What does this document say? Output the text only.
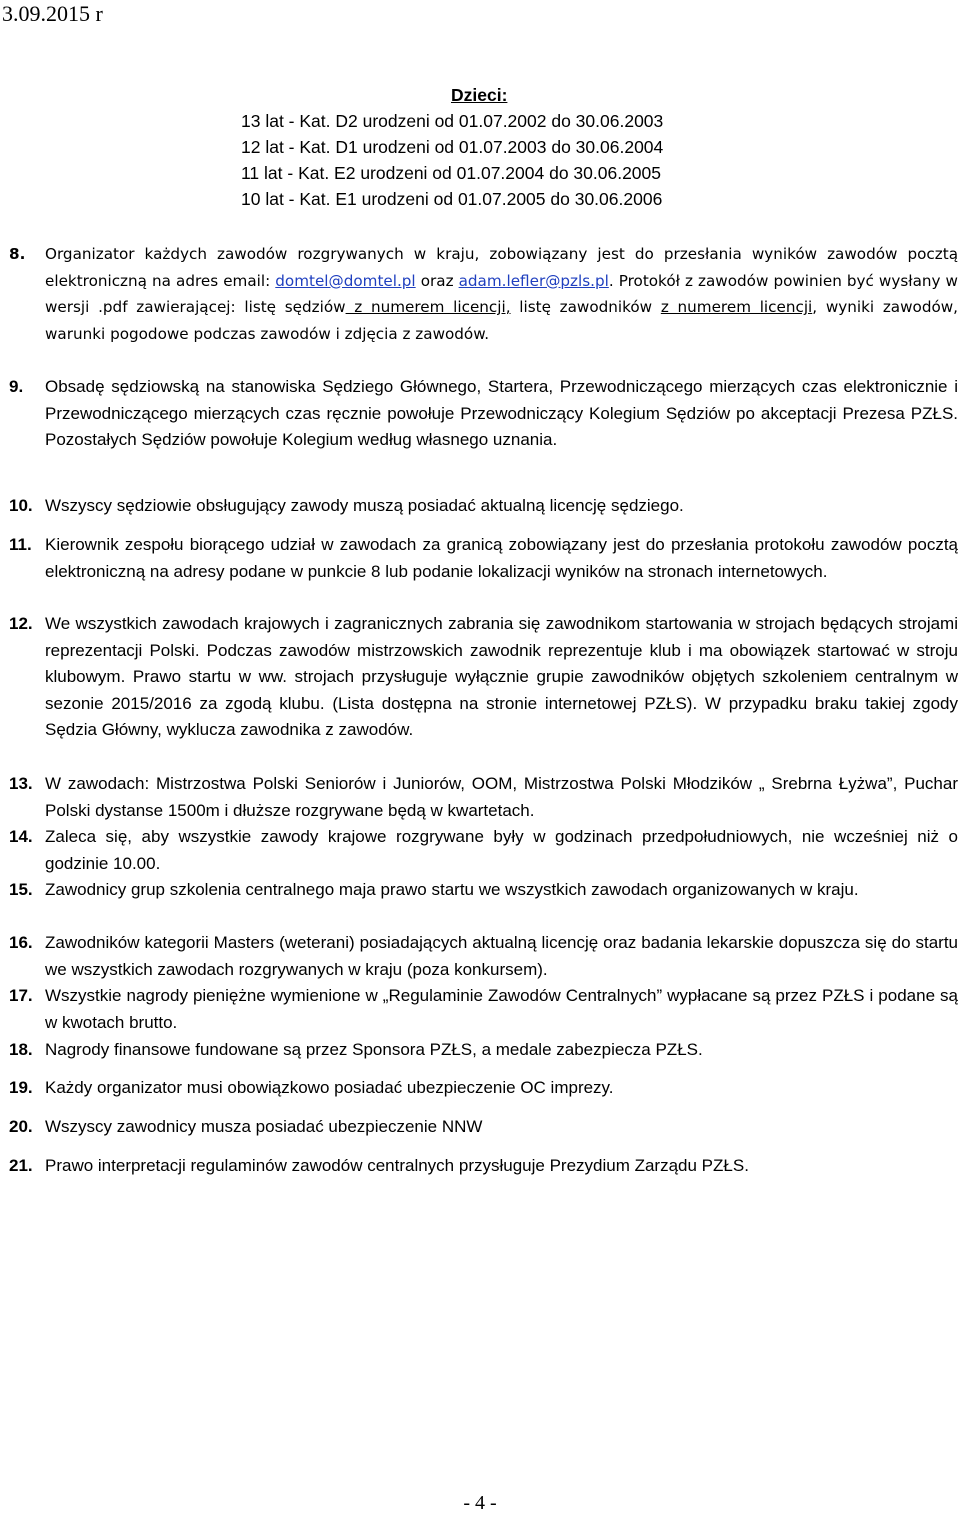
3.09.2015 r
Dzieci:
13 lat - Kat. D2 urodzeni od 01.07.2002 do 30.06.2003
12 lat - Kat. D1 urodzeni od 01.07.2003 do 30.06.2004
11 lat - Kat. E2 urodzeni od 01.07.2004 do 30.06.2005
10 lat - Kat. E1 urodzeni od 01.07.2005 do 30.06.2006
8. Organizator każdych zawodów rozgrywanych w kraju, zobowiązany jest do przesłania wyników zawodów pocztą elektroniczną na adres email: domtel@domtel.pl oraz adam.lefler@pzls.pl. Protokół z zawodów powinien być wysłany w wersji .pdf zawierającej: listę sędziów z numerem licencji, listę zawodników z numerem licencji, wyniki zawodów, warunki pogodowe podczas zawodów i zdjęcia z zawodów.
9. Obsadę sędziowską na stanowiska Sędziego Głównego, Startera, Przewodniczącego mierzących czas elektronicznie i Przewodniczącego mierzących czas ręcznie powołuje Przewodniczący Kolegium Sędziów po akceptacji Prezesa PZŁS. Pozostałych Sędziów powołuje Kolegium według własnego uznania.
10. Wszyscy sędziowie obsługujący zawody muszą posiadać aktualną licencję sędziego.
11. Kierownik zespołu biorącego udział w zawodach za granicą zobowiązany jest do przesłania protokołu zawodów pocztą elektroniczną na adresy podane w punkcie 8 lub podanie lokalizacji wyników na stronach internetowych.
12. We wszystkich zawodach krajowych i zagranicznych zabrania się zawodnikom startowania w strojach będących strojami reprezentacji Polski. Podczas zawodów mistrzowskich zawodnik reprezentuje klub i ma obowiązek startować w stroju klubowym. Prawo startu w ww. strojach przysługuje wyłącznie grupie zawodników objętych szkoleniem centralnym w sezonie 2015/2016 za zgodą klubu. (Lista dostępna na stronie internetowej PZŁS). W przypadku braku takiej zgody Sędzia Główny, wyklucza zawodnika z zawodów.
13. W zawodach: Mistrzostwa Polski Seniorów i Juniorów, OOM, Mistrzostwa Polski Młodzików „ Srebrna Łyżwa”, Puchar Polski dystanse 1500m i dłuższe rozgrywane będą w kwartetach.
14. Zaleca się, aby wszystkie zawody krajowe rozgrywane były w godzinach przedpołudniowych, nie wcześniej niż o godzinie 10.00.
15. Zawodnicy grup szkolenia centralnego maja prawo startu we wszystkich zawodach organizowanych w kraju.
16. Zawodników kategorii Masters (weterani) posiadających aktualną licencję oraz badania lekarskie dopuszcza się do startu we wszystkich zawodach rozgrywanych w kraju (poza konkursem).
17. Wszystkie nagrody pieniężne wymienione w „Regulaminie Zawodów Centralnych” wypłacane są przez PZŁS i podane są w kwotach brutto.
18. Nagrody finansowe fundowane są przez Sponsora PZŁS, a medale zabezpiecza PZŁS.
19. Każdy organizator musi obowiązkowo posiadać ubezpieczenie OC imprezy.
20. Wszyscy zawodnicy musza posiadać ubezpieczenie NNW
21. Prawo interpretacji regulaminów zawodów centralnych przysługuje Prezydium Zarządu PZŁS.
- 4 -
